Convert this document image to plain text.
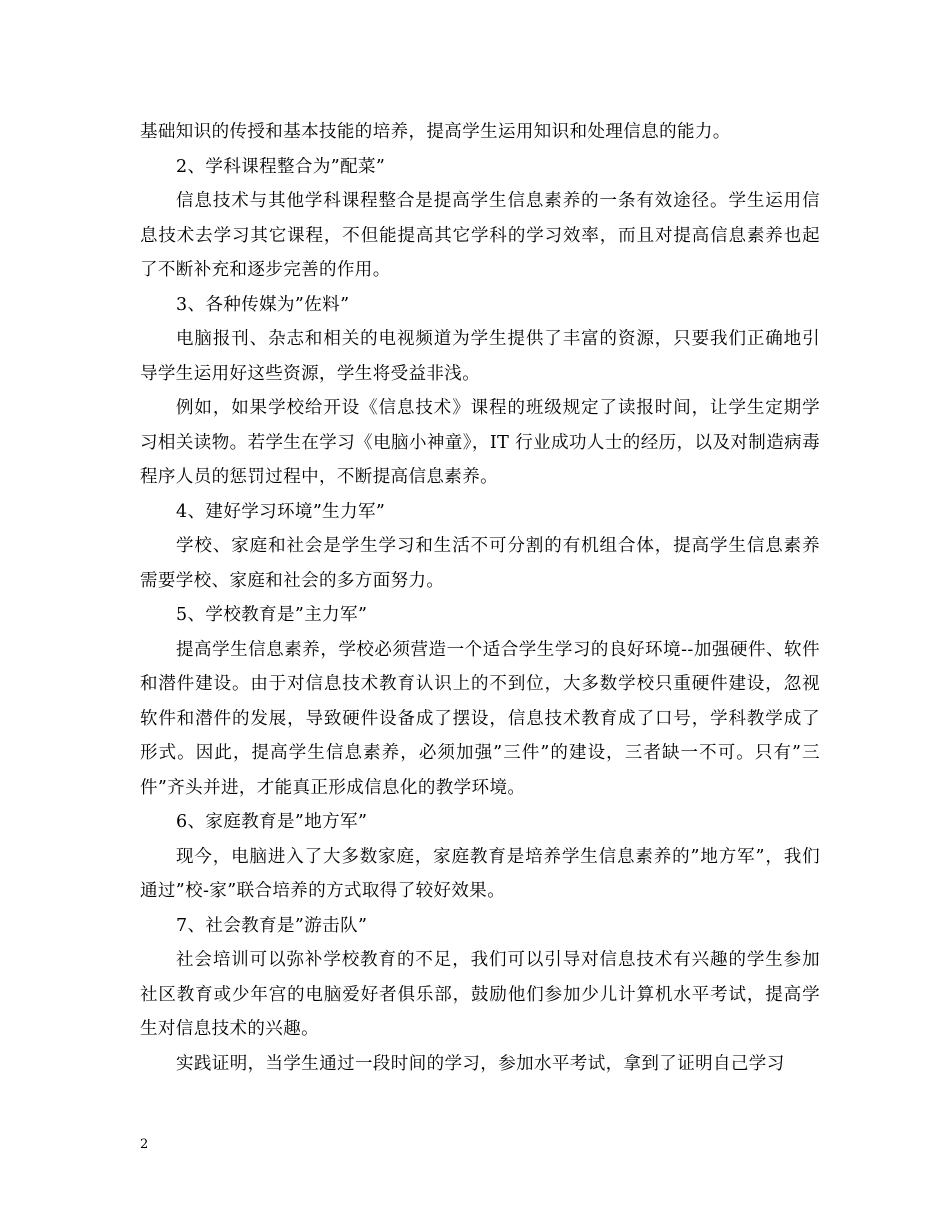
基础知识的传授和基本技能的培养，提高学生运用知识和处理信息的能力。

2、学科课程整合为”配菜”

信息技术与其他学科课程整合是提高学生信息素养的一条有效途径。学生运用信息技术去学习其它课程，不但能提高其它学科的学习效率，而且对提高信息素养也起了不断补充和逐步完善的作用。

3、各种传媒为”佐料”

电脑报刊、杂志和相关的电视频道为学生提供了丰富的资源，只要我们正确地引导学生运用好这些资源，学生将受益非浅。

例如，如果学校给开设《信息技术》课程的班级规定了读报时间，让学生定期学习相关读物。若学生在学习《电脑小神童》，IT 行业成功人士的经历，以及对制造病毒程序人员的惩罚过程中，不断提高信息素养。

4、建好学习环境”生力军”

学校、家庭和社会是学生学习和生活不可分割的有机组合体，提高学生信息素养需要学校、家庭和社会的多方面努力。

5、学校教育是”主力军”

提高学生信息素养，学校必须营造一个适合学生学习的良好环境--加强硬件、软件和潜件建设。由于对信息技术教育认识上的不到位，大多数学校只重硬件建设，忽视软件和潜件的发展，导致硬件设备成了摆设，信息技术教育成了口号，学科教学成了形式。因此，提高学生信息素养，必须加强”三件”的建设，三者缺一不可。只有”三件”齐头并进，才能真正形成信息化的教学环境。

6、家庭教育是”地方军”

现今，电脑进入了大多数家庭，家庭教育是培养学生信息素养的”地方军”，我们通过”校-家”联合培养的方式取得了较好效果。

7、社会教育是”游击队”

社会培训可以弥补学校教育的不足，我们可以引导对信息技术有兴趣的学生参加社区教育或少年宫的电脑爱好者俱乐部，鼓励他们参加少儿计算机水平考试，提高学生对信息技术的兴趣。

实践证明，当学生通过一段时间的学习，参加水平考试，拿到了证明自己学习

2
